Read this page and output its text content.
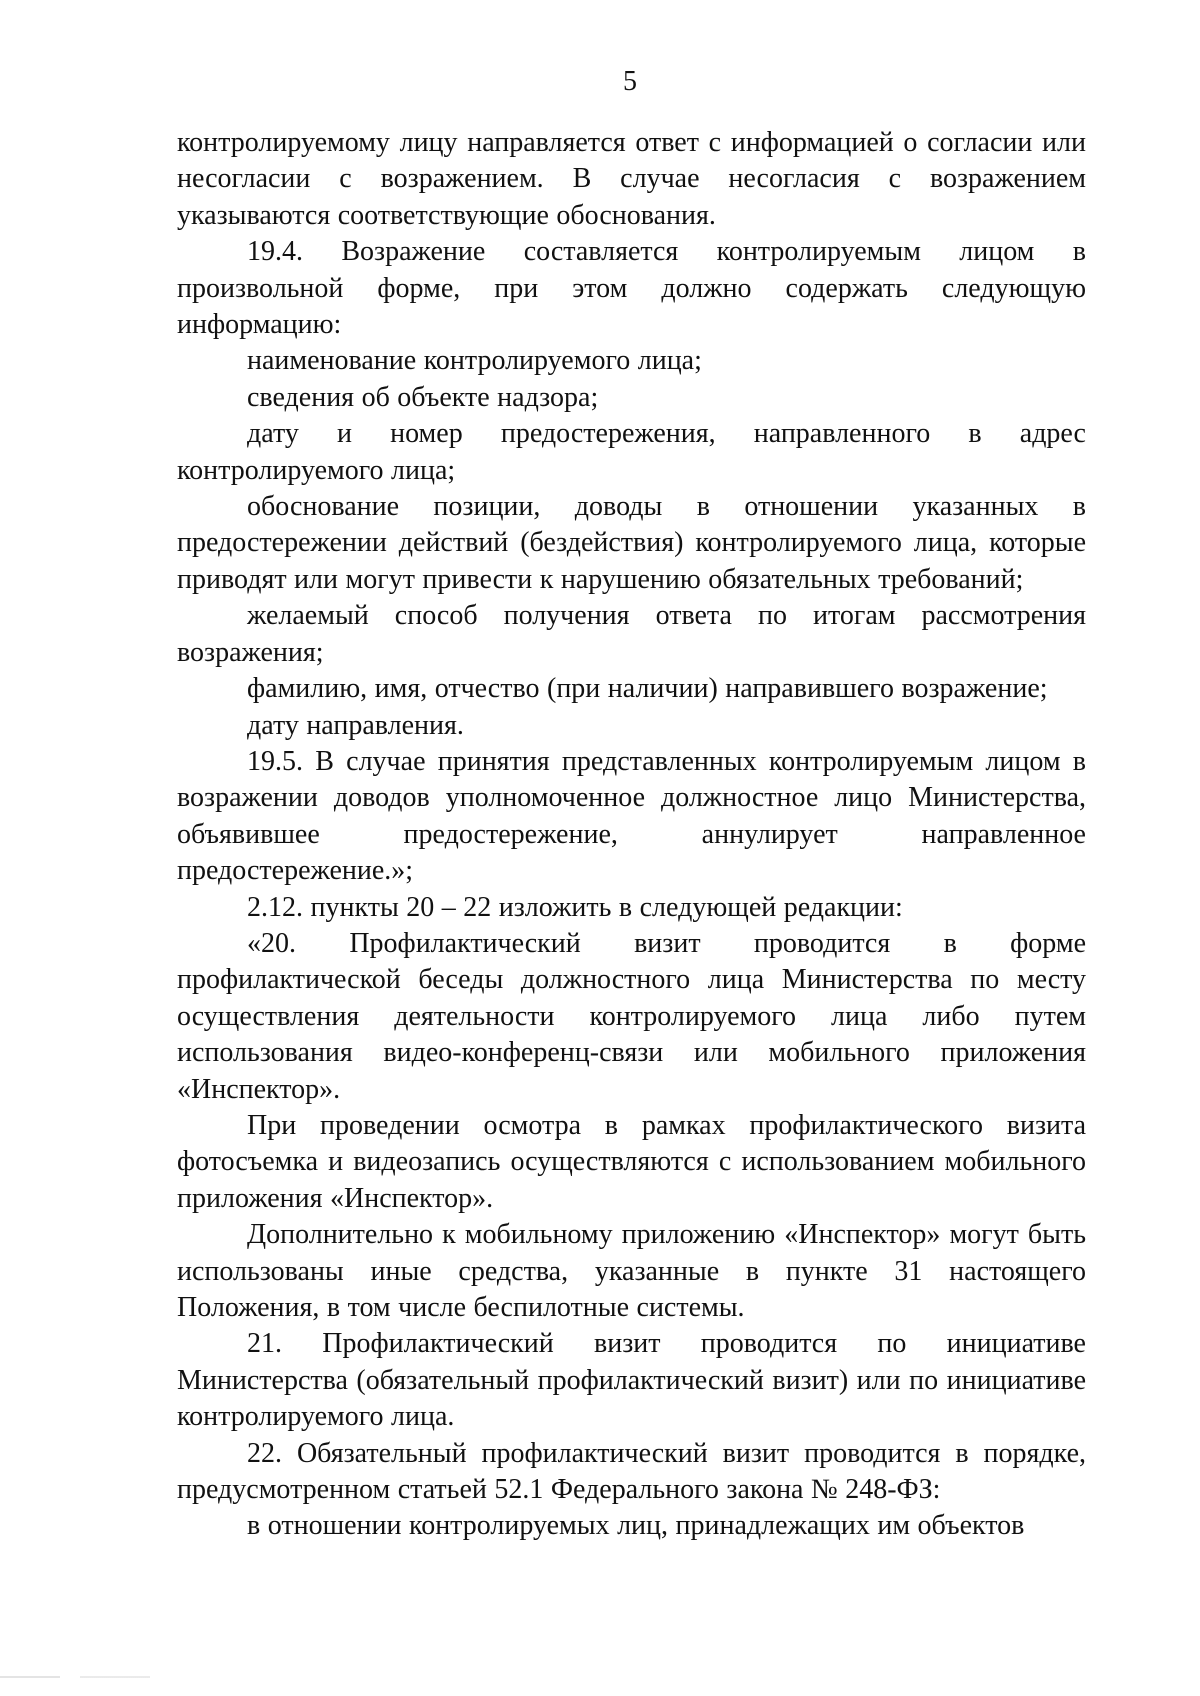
5

контролируемому лицу направляется ответ с информацией о согласии или несогласии с возражением. В случае несогласия с возражением указываются соответствующие обоснования.

19.4. Возражение составляется контролируемым лицом в произвольной форме, при этом должно содержать следующую информацию:

наименование контролируемого лица;

сведения об объекте надзора;

дату и номер предостережения, направленного в адрес контролируемого лица;

обоснование позиции, доводы в отношении указанных в предостережении действий (бездействия) контролируемого лица, которые приводят или могут привести к нарушению обязательных требований;

желаемый способ получения ответа по итогам рассмотрения возражения;

фамилию, имя, отчество (при наличии) направившего возражение;

дату направления.

19.5. В случае принятия представленных контролируемым лицом в возражении доводов уполномоченное должностное лицо Министерства, объявившее предостережение, аннулирует направленное предостережение.»;

2.12. пункты 20 – 22 изложить в следующей редакции:

«20. Профилактический визит проводится в форме профилактической беседы должностного лица Министерства по месту осуществления деятельности контролируемого лица либо путем использования видео-конференц-связи или мобильного приложения «Инспектор».

При проведении осмотра в рамках профилактического визита фотосъемка и видеозапись осуществляются с использованием мобильного приложения «Инспектор».

Дополнительно к мобильному приложению «Инспектор» могут быть использованы иные средства, указанные в пункте 31 настоящего Положения, в том числе беспилотные системы.

21. Профилактический визит проводится по инициативе Министерства (обязательный профилактический визит) или по инициативе контролируемого лица.

22. Обязательный профилактический визит проводится в порядке, предусмотренном статьей 52.1 Федерального закона № 248-ФЗ:

в отношении контролируемых лиц, принадлежащих им объектов
